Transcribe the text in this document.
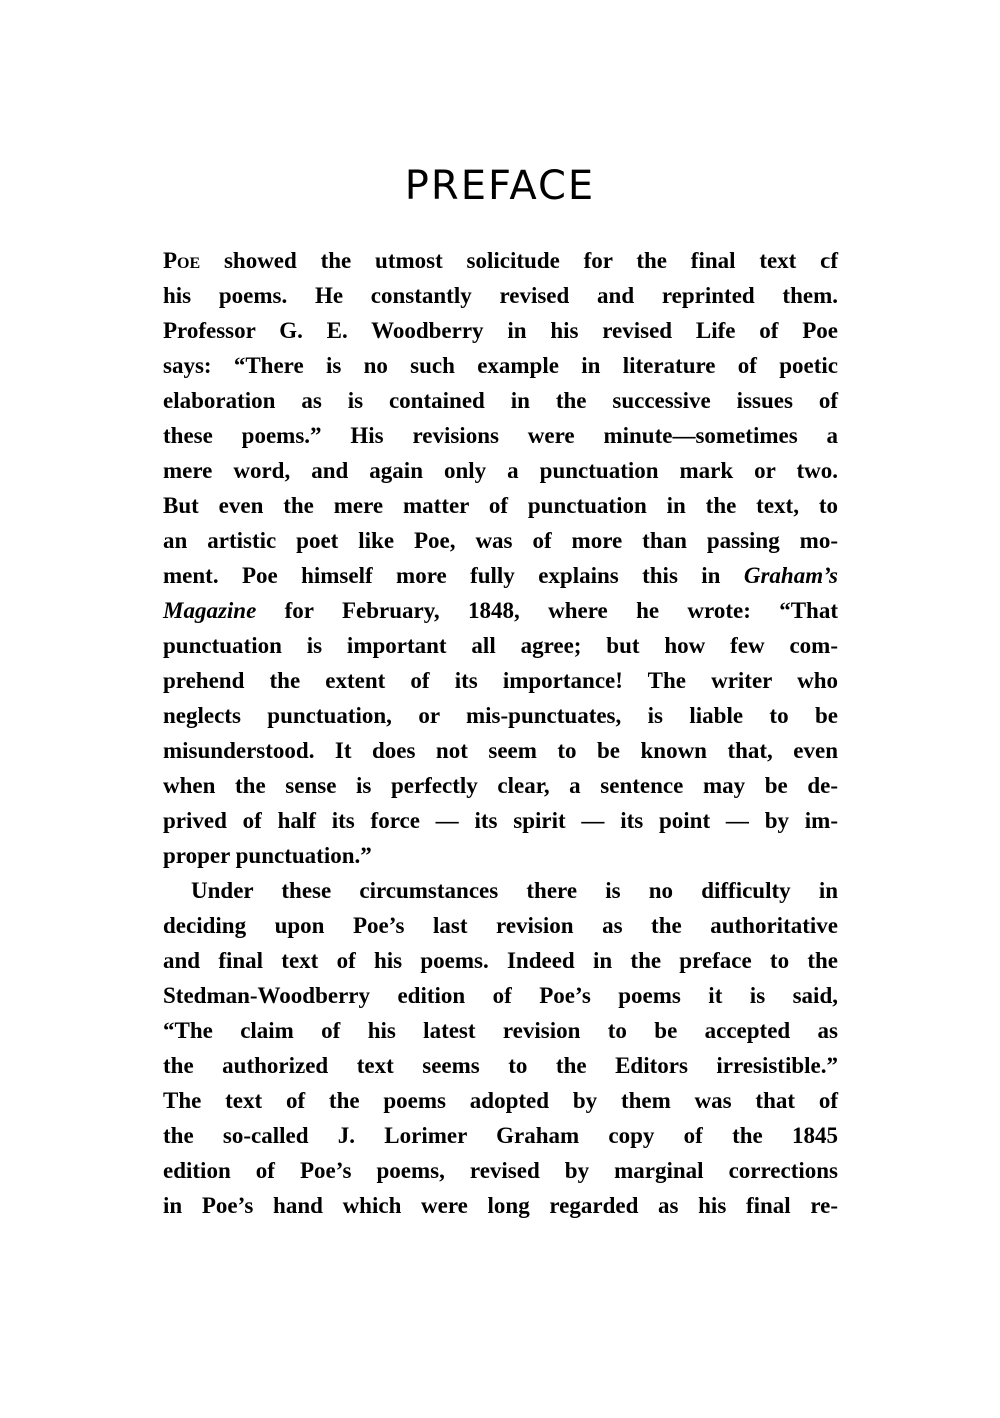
PREFACE
Poe showed the utmost solicitude for the final text ϲf
his poems. He constantly revised and reprinted them.
Professor G. E. Woodberry in his revised Life of Poe
says: “There is no such example in literature of poetic
elaboration as is contained in the successive issues of
these poems.” His revisions were minute—sometimes a
mere word, and again only a punctuation mark or two.
But even the mere matter of punctuation in the text, to
an artistic poet like Poe, was of more than passing mo-
ment. Poe himself more fully explains this in Graham’s
Magazine for February, 1848, where he wrote: “That
punctuation is important all agree; but how few com-
prehend the extent of its importance! The writer who
neglects punctuation, or mis-punctuates, is liable to be
misunderstood. It does not seem to be known that, even
when the sense is perfectly clear, a sentence may be de-
prived of half its force — its spirit — its point — by im-
proper punctuation.”
Under these circumstances there is no difficulty in
deciding upon Poe’s last revision as the authoritative
and final text of his poems. Indeed in the preface to the
Stedman-Woodberry edition of Poe’s poems it is said,
“The claim of his latest revision to be accepted as
the authorized text seems to the Editors irresistible.”
The text of the poems adopted by them was that of
the so-called J. Lorimer Graham copy of the 1845
edition of Poe’s poems, revised by marginal corrections
in Poe’s hand which were long regarded as his final re-
